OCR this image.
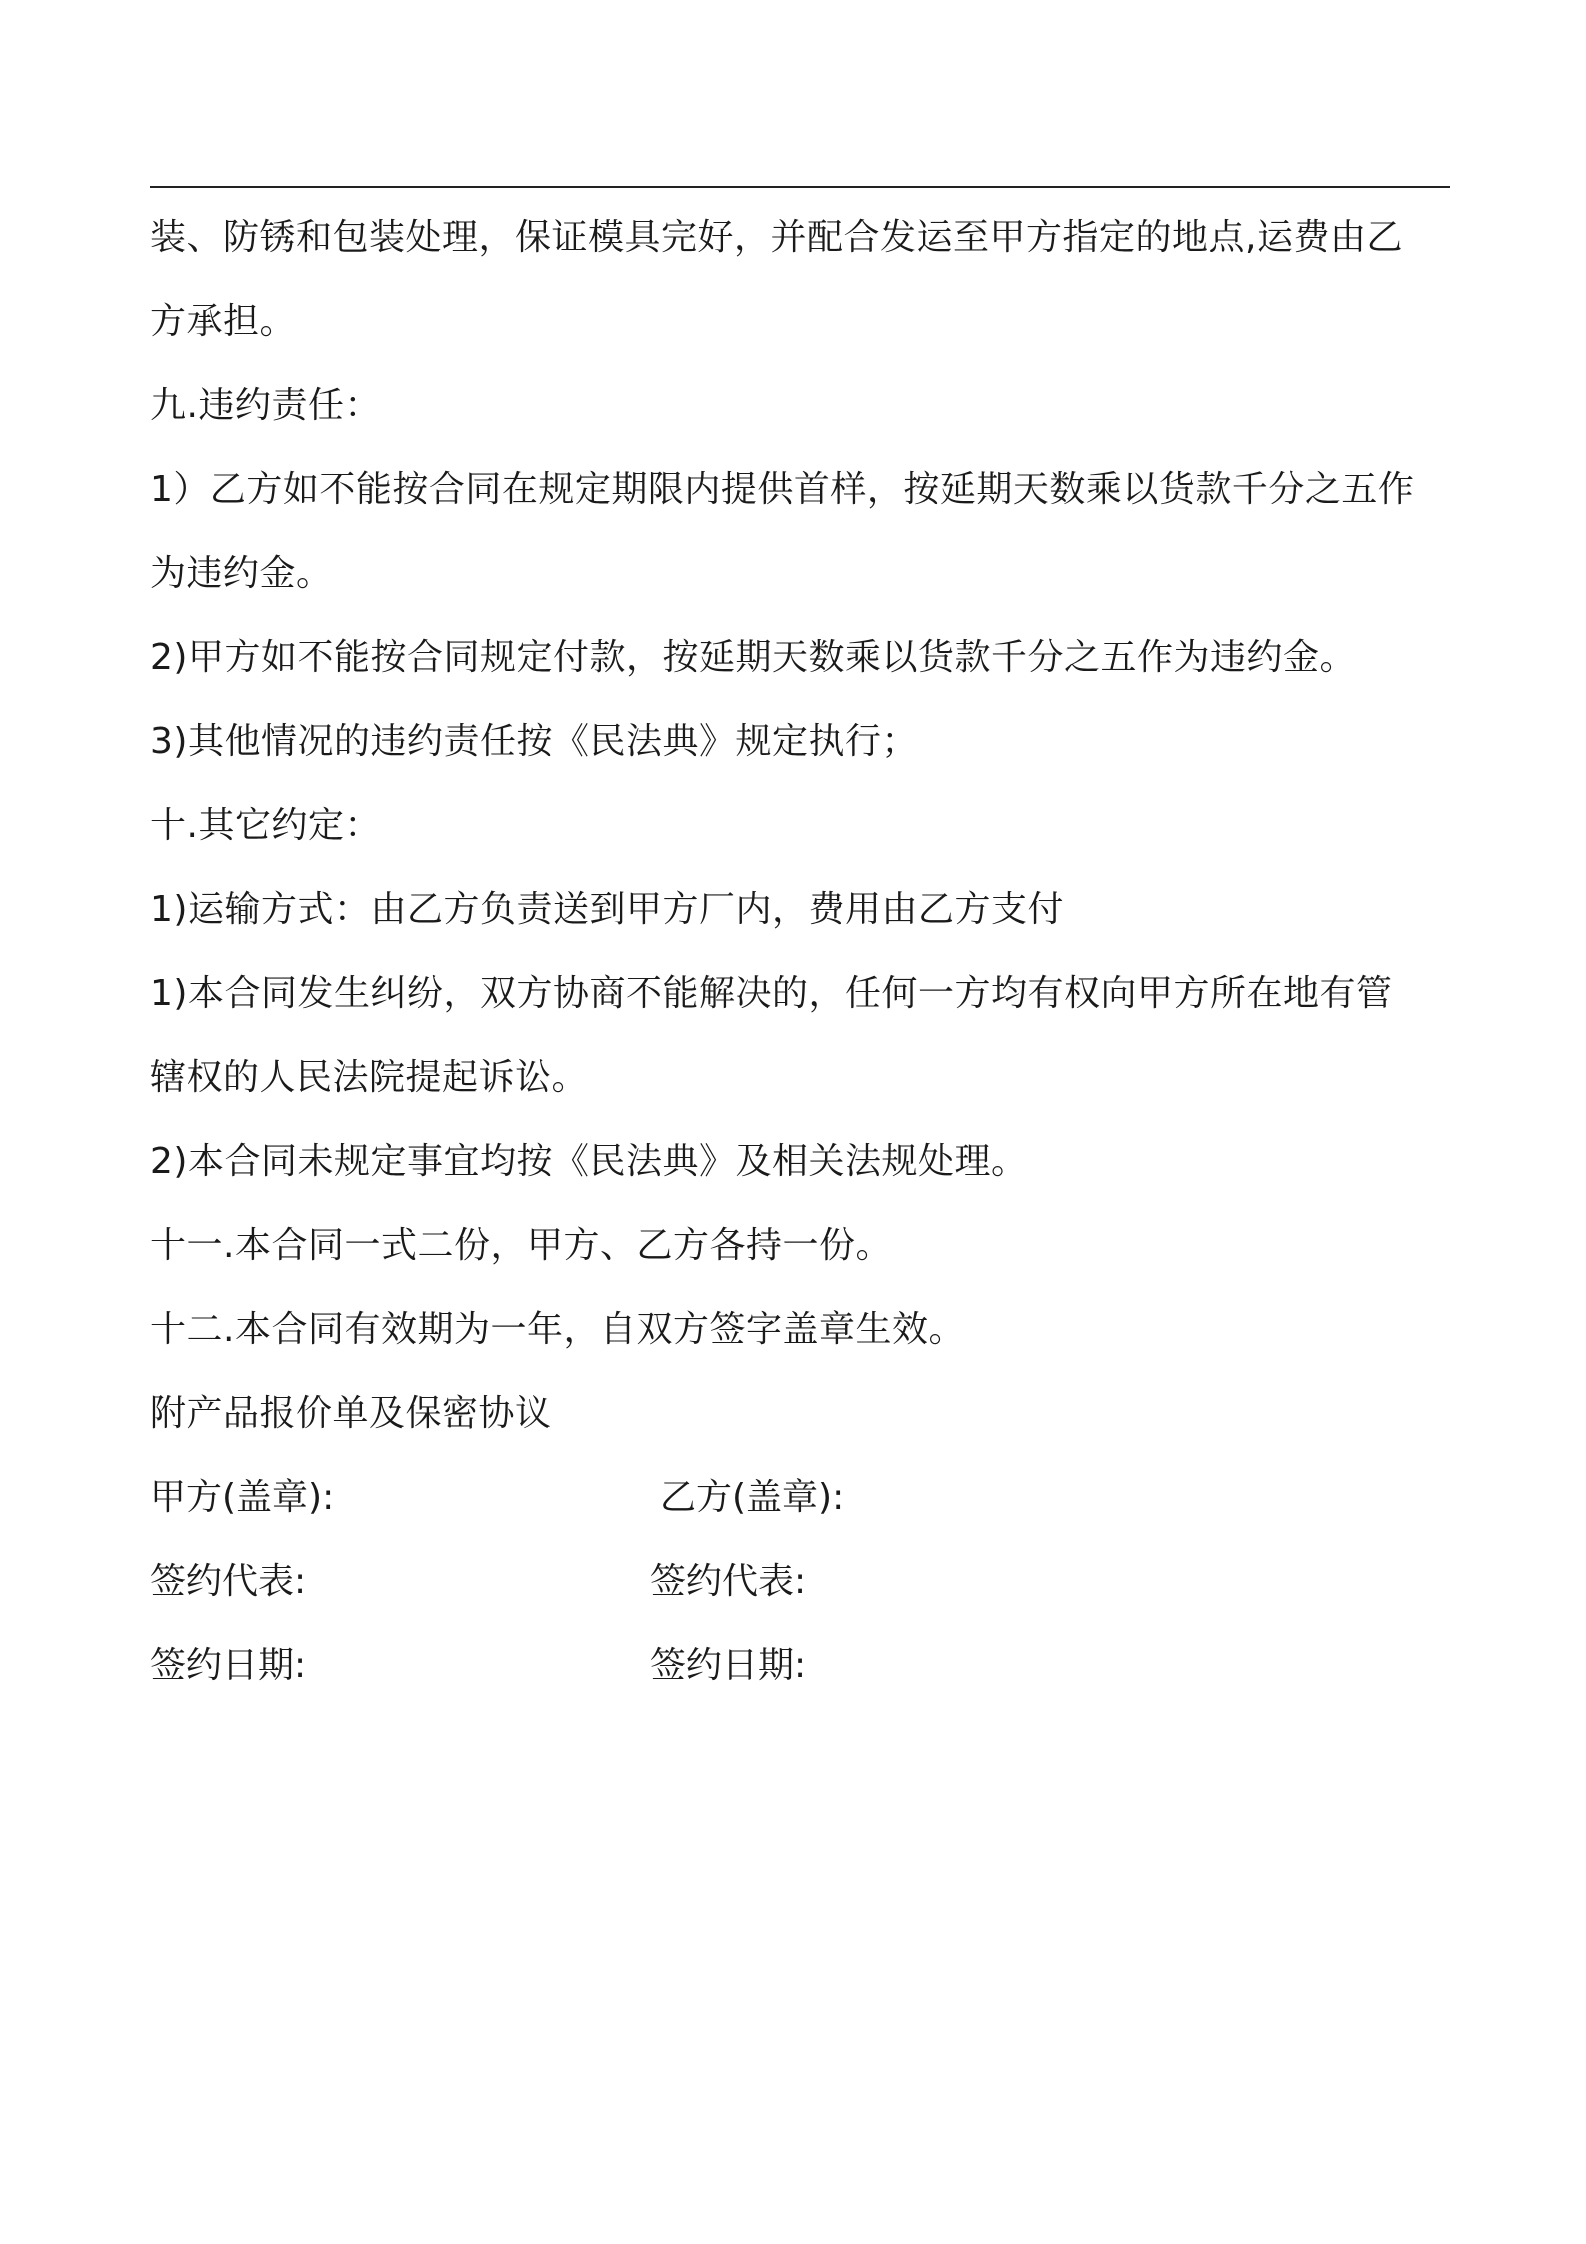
装、防锈和包装处理，保证模具完好，并配合发运至甲方指定的地点,运费由乙
方承担。
九.违约责任：
1）乙方如不能按合同在规定期限内提供首样，按延期天数乘以货款千分之五作
为违约金。
2)甲方如不能按合同规定付款，按延期天数乘以货款千分之五作为违约金。
3)其他情况的违约责任按《民法典》规定执行；
十.其它约定：
1)运输方式：由乙方负责送到甲方厂内，费用由乙方支付
1)本合同发生纠纷，双方协商不能解决的，任何一方均有权向甲方所在地有管
辖权的人民法院提起诉讼。
2)本合同未规定事宜均按《民法典》及相关法规处理。
十一.本合同一式二份，甲方、乙方各持一份。
十二.本合同有效期为一年，自双方签字盖章生效。
附产品报价单及保密协议
甲方(盖章):	乙方(盖章):
签约代表:	签约代表:
签约日期:	签约日期:
